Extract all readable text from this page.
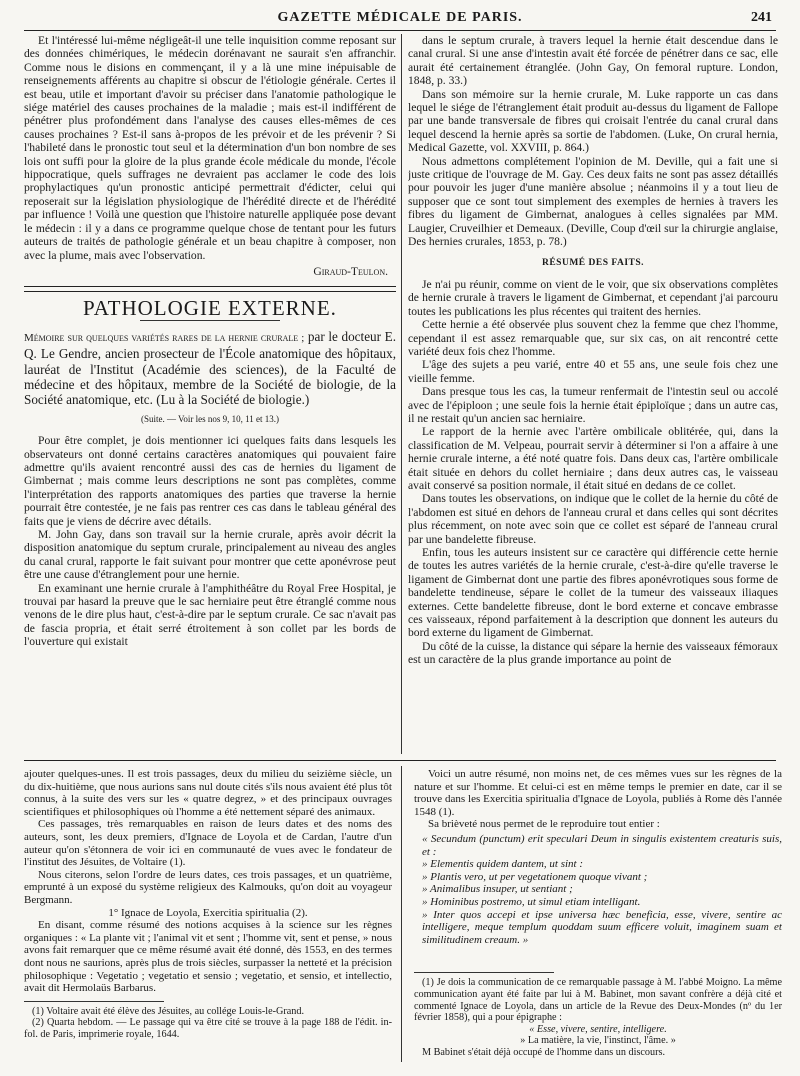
GAZETTE MÉDICALE DE PARIS.	241

Et l'intéressé lui-même négligeât-il une telle inquisition comme reposant sur des données chimériques, le médecin dorénavant ne saurait s'en affranchir. Comme nous le disions en commençant, il y a là une mine inépuisable de renseignements afférents au chapitre si obscur de l'étiologie générale. Certes il est beau, utile et important d'avoir su préciser dans l'anatomie pathologique le siége matériel des causes prochaines de la maladie ; mais est-il indifférent de pénétrer plus profondément dans l'analyse des causes elles-mêmes de ces causes prochaines ? Est-il sans à-propos de les prévoir et de les prévenir ? Si l'habileté dans le pronostic tout seul et la détermination d'un bon nombre de ses lois ont suffi pour la gloire de la plus grande école médicale du monde, l'école hippocratique, quels suffrages ne devraient pas acclamer le code des lois prophylactiques qu'un pronostic anticipé permettrait d'édicter, celui qui reposerait sur la législation physiologique de l'hérédité directe et de l'hérédité par influence ! Voilà une question que l'histoire naturelle appliquée pose devant le médecin : il y a dans ce programme quelque chose de tentant pour les futurs auteurs de traités de pathologie générale et un beau chapitre à composer, non avec la plume, mais avec l'observation.

Giraud-Teulon.
PATHOLOGIE EXTERNE.

Mémoire sur quelques variétés rares de la hernie crurale ; par le docteur E. Q. Le Gendre, ancien prosecteur de l'École anatomique des hôpitaux, lauréat de l'Institut (Académie des sciences), de la Faculté de médecine et des hôpitaux, membre de la Société de biologie, de la Société anatomique, etc. (Lu à la Société de biologie.)

(Suite. — Voir les nos 9, 10, 11 et 13.)

Pour être complet, je dois mentionner ici quelques faits dans lesquels les observateurs ont donné certains caractères anatomiques qui pouvaient faire admettre qu'ils avaient rencontré aussi des cas de hernies du ligament de Gimbernat ; mais comme leurs descriptions ne sont pas complètes, comme l'interprétation des rapports anatomiques des parties que traverse la hernie pourrait être contestée, je ne fais pas rentrer ces cas dans le tableau général des faits que je viens de décrire avec détails.

M. John Gay, dans son travail sur la hernie crurale, après avoir décrit la disposition anatomique du septum crurale, principalement au niveau des angles du canal crural, rapporte le fait suivant pour montrer que cette aponévrose peut être une cause d'étranglement pour une hernie.

En examinant une hernie crurale à l'amphithéâtre du Royal Free Hospital, je trouvai par hasard la preuve que le sac herniaire peut être étranglé comme nous venons de le dire plus haut, c'est-à-dire par le septum crurale. Ce sac n'avait pas de fascia propria, et était serré étroitement à son collet par les bords de l'ouverture qui existait

dans le septum crurale, à travers lequel la hernie était descendue dans le canal crural. Si une anse d'intestin avait été forcée de pénétrer dans ce sac, elle aurait été certainement étranglée. (John Gay, On femoral rupture. London, 1848, p. 33.)

Dans son mémoire sur la hernie crurale, M. Luke rapporte un cas dans lequel le siége de l'étranglement était produit au-dessus du ligament de Fallope par une bande transversale de fibres qui croisait l'entrée du canal crural dans lequel descend la hernie après sa sortie de l'abdomen. (Luke, On crural hernia, Medical Gazette, vol. XXVIII, p. 864.)

Nous admettons complétement l'opinion de M. Deville, qui a fait une si juste critique de l'ouvrage de M. Gay. Ces deux faits ne sont pas assez détaillés pour pouvoir les juger d'une manière absolue ; néanmoins il y a tout lieu de supposer que ce sont tout simplement des exemples de hernies à travers les fibres du ligament de Gimbernat, analogues à celles signalées par MM. Laugier, Cruveilhier et Demeaux. (Deville, Coup d'œil sur la chirurgie anglaise, Des hernies crurales, 1853, p. 78.)

RÉSUMÉ DES FAITS.

Je n'ai pu réunir, comme on vient de le voir, que six observations complètes de hernie crurale à travers le ligament de Gimbernat, et cependant j'ai parcouru toutes les publications les plus récentes qui traitent des hernies.

Cette hernie a été observée plus souvent chez la femme que chez l'homme, cependant il est assez remarquable que, sur six cas, on ait rencontré cette variété deux fois chez l'homme.

L'âge des sujets a peu varié, entre 40 et 55 ans, une seule fois chez une vieille femme.

Dans presque tous les cas, la tumeur renfermait de l'intestin seul ou accolé avec de l'épiploon ; une seule fois la hernie était épiploïque ; dans un autre cas, il ne restait qu'un ancien sac herniaire.

Le rapport de la hernie avec l'artère ombilicale oblitérée, qui, dans la classification de M. Velpeau, pourrait servir à déterminer si l'on a affaire à une hernie crurale interne, a été noté quatre fois. Dans deux cas, l'artère ombilicale était située en dehors du collet herniaire ; dans deux autres cas, le vaisseau avait conservé sa position normale, il était situé en dedans de ce collet.

Dans toutes les observations, on indique que le collet de la hernie du côté de l'abdomen est situé en dehors de l'anneau crural et dans celles qui sont décrites plus récemment, on note avec soin que ce collet est séparé de l'anneau crural par une bandelette fibreuse.

Enfin, tous les auteurs insistent sur ce caractère qui différencie cette hernie de toutes les autres variétés de la hernie crurale, c'est-à-dire qu'elle traverse le ligament de Gimbernat dont une partie des fibres aponévrotiques sous forme de bandelette tendineuse, sépare le collet de la tumeur des vaisseaux iliaques externes. Cette bandelette fibreuse, dont le bord externe et concave embrasse ces vaisseaux, répond parfaitement à la description que donnent les auteurs du bord externe du ligament de Gimbernat.

Du côté de la cuisse, la distance qui sépare la hernie des vaisseaux fémoraux est un caractère de la plus grande importance au point de

ajouter quelques-unes. Il est trois passages, deux du milieu du seizième siècle, un du dix-huitième, que nous aurions sans nul doute cités s'ils nous avaient été plus tôt connus, à la suite des vers sur les « quatre degrez, » et des principaux ouvrages scientifiques et philosophiques où l'homme a été nettement séparé des animaux.

Ces passages, très remarquables en raison de leurs dates et des noms des auteurs, sont, les deux premiers, d'Ignace de Loyola et de Cardan, l'autre d'un auteur qu'on s'étonnera de voir ici en communauté de vues avec le fondateur de l'institut des Jésuites, de Voltaire (1).

Nous citerons, selon l'ordre de leurs dates, ces trois passages, et un quatrième, emprunté à un exposé du système religieux des Kalmouks, qu'on doit au voyageur Bergmann.

1° Ignace de Loyola, Exercitia spiritualia (2).

En disant, comme résumé des notions acquises à la science sur les règnes organiques : « La plante vit ; l'animal vit et sent ; l'homme vit, sent et pense, » nous avons fait remarquer que ce même résumé avait été donné, dès 1553, en des termes dont nous ne saurions, après plus de trois siècles, surpasser la netteté et la précision philosophique : Vegetatio ; vegetatio et sensio ; vegetatio, et sensio, et intellectio, avait dit Hermolaüs Barbarus.

(1) Voltaire avait été élève des Jésuites, au collége Louis-le-Grand.

(2) Quarta hebdom. — Le passage qui va être cité se trouve à la page 188 de l'édit. in-fol. de Paris, imprimerie royale, 1644.

Voici un autre résumé, non moins net, de ces mêmes vues sur les règnes de la nature et sur l'homme. Et celui-ci est en même temps le premier en date, car il se trouve dans les Exercitia spiritualia d'Ignace de Loyola, publiés à Rome dès l'année 1548 (1).

Sa brièveté nous permet de le reproduire tout entier :

« Secundum (punctum) erit speculari Deum in singulis existentem creaturis suis, et :

» Elementis quidem dantem, ut sint :

» Plantis vero, ut per vegetationem quoque vivant ;

» Animalibus insuper, ut sentiant ;

» Hominibus postremo, ut simul etiam intelligant.

» Inter quos accepi et ipse universa hæc beneficia, esse, vivere, sentire ac intelligere, meque templum quoddam suum efficere voluit, imaginem suam et similitudinem creaum. »

(1) Je dois la communication de ce remarquable passage à M. l'abbé Moigno. La même communication ayant été faite par lui à M. Babinet, mon savant confrère a déjà cité et commenté Ignace de Loyola, dans un article de la Revue des Deux-Mondes (nº du 1er février 1858), qui a pour épigraphe :

« Esse, vivere, sentire, intelligere.

» La matière, la vie, l'instinct, l'âme. »

M Babinet s'était déjà occupé de l'homme dans un discours.
